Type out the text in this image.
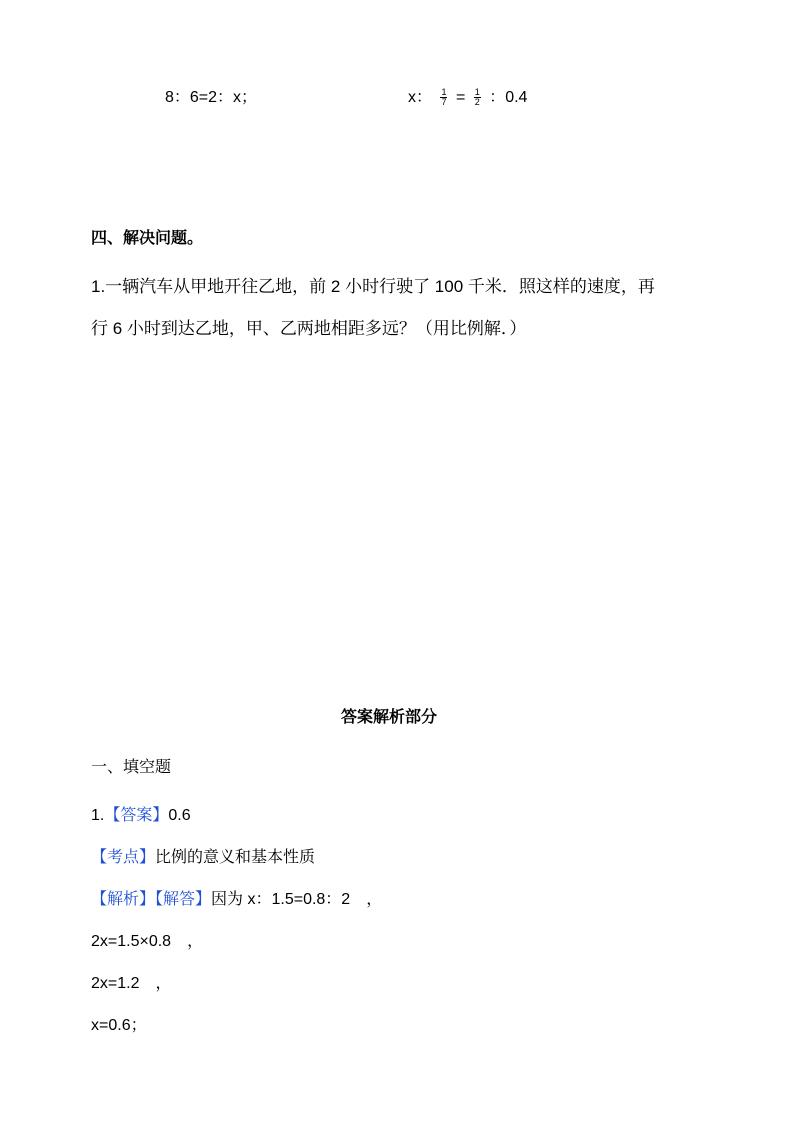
8：6=2：x；	x： $\frac{1}{7} = \frac{1}{2}$ ：0.4
四、解决问题。
1.一辆汽车从甲地开往乙地，前 2 小时行驶了 100 千米．照这样的速度，再
行 6 小时到达乙地，甲、乙两地相距多远？（用比例解．）
答案解析部分
一、填空题
1.【答案】0.6
【考点】比例的意义和基本性质
【解析】【解答】因为 x：1.5=0.8：2　，
2x=1.5×0.8　，
2x=1.2　，
x=0.6；
